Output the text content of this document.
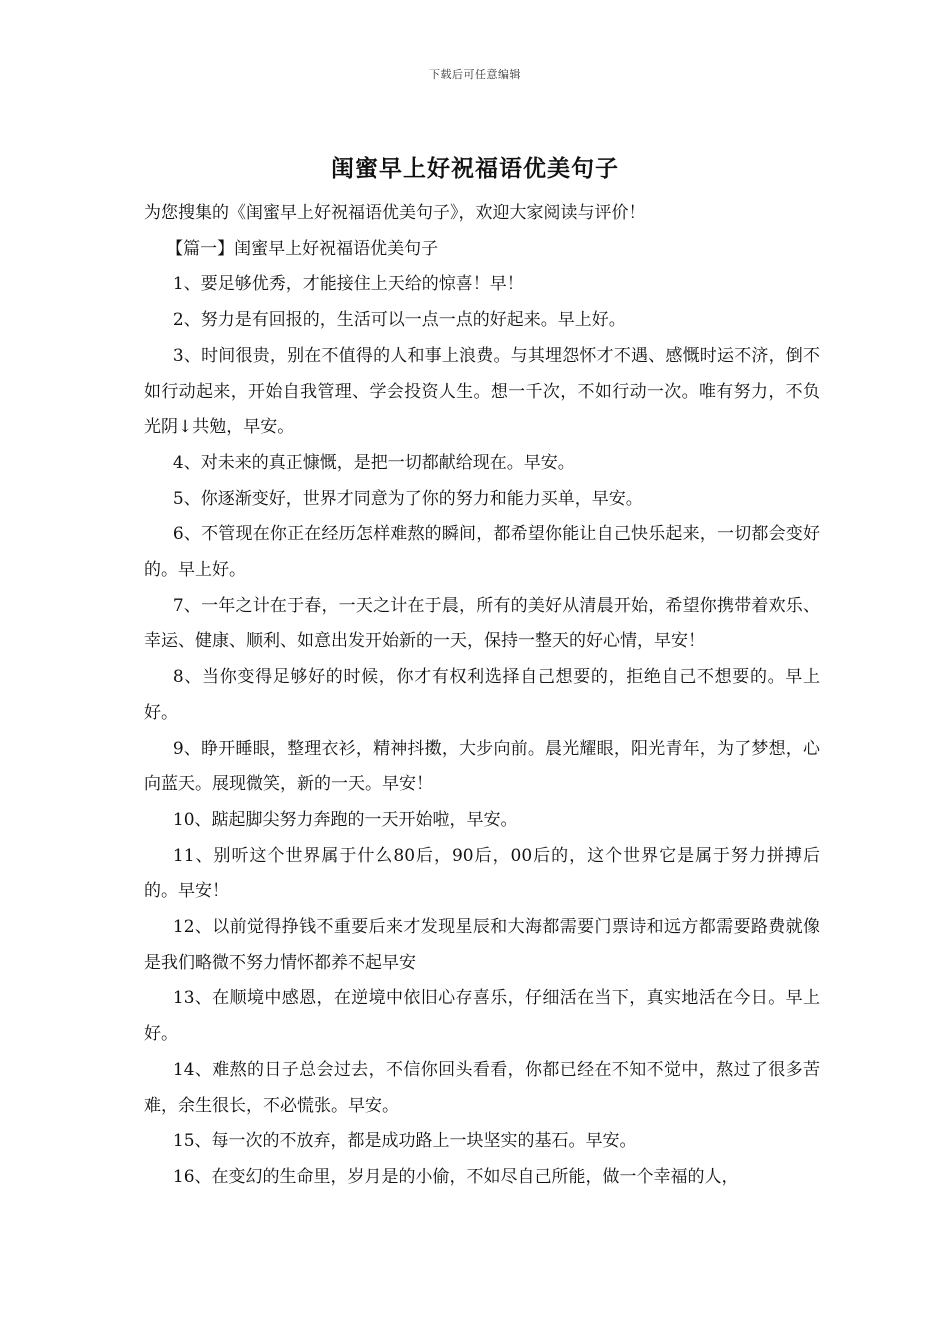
下载后可任意编辑
闺蜜早上好祝福语优美句子

为您搜集的《闺蜜早上好祝福语优美句子》，欢迎大家阅读与评价！

【篇一】闺蜜早上好祝福语优美句子

1、要足够优秀，才能接住上天给的惊喜！早！

2、努力是有回报的，生活可以一点一点的好起来。早上好。

3、时间很贵，别在不值得的人和事上浪费。与其埋怨怀才不遇、感慨时运不济，倒不如行动起来，开始自我管理、学会投资人生。想一千次，不如行动一次。唯有努力，不负光阴↓共勉，早安。

4、对未来的真正慷慨，是把一切都献给现在。早安。

5、你逐渐变好，世界才同意为了你的努力和能力买单，早安。

6、不管现在你正在经历怎样难熬的瞬间，都希望你能让自己快乐起来，一切都会变好的。早上好。

7、一年之计在于春，一天之计在于晨，所有的美好从清晨开始，希望你携带着欢乐、幸运、健康、顺利、如意出发开始新的一天，保持一整天的好心情，早安！

8、当你变得足够好的时候，你才有权利选择自己想要的，拒绝自己不想要的。早上好。

9、睁开睡眼，整理衣衫，精神抖擞，大步向前。晨光耀眼，阳光青年，为了梦想，心向蓝天。展现微笑，新的一天。早安！

10、踮起脚尖努力奔跑的一天开始啦，早安。

11、别听这个世界属于什么80后，90后，00后的，这个世界它是属于努力拼搏后的。早安！

12、以前觉得挣钱不重要后来才发现星辰和大海都需要门票诗和远方都需要路费就像是我们略微不努力情怀都养不起早安

13、在顺境中感恩，在逆境中依旧心存喜乐，仔细活在当下，真实地活在今日。早上好。

14、难熬的日子总会过去，不信你回头看看，你都已经在不知不觉中，熬过了很多苦难，余生很长，不必慌张。早安。

15、每一次的不放弃，都是成功路上一块坚实的基石。早安。

16、在变幻的生命里，岁月是的小偷，不如尽自己所能，做一个幸福的人，
